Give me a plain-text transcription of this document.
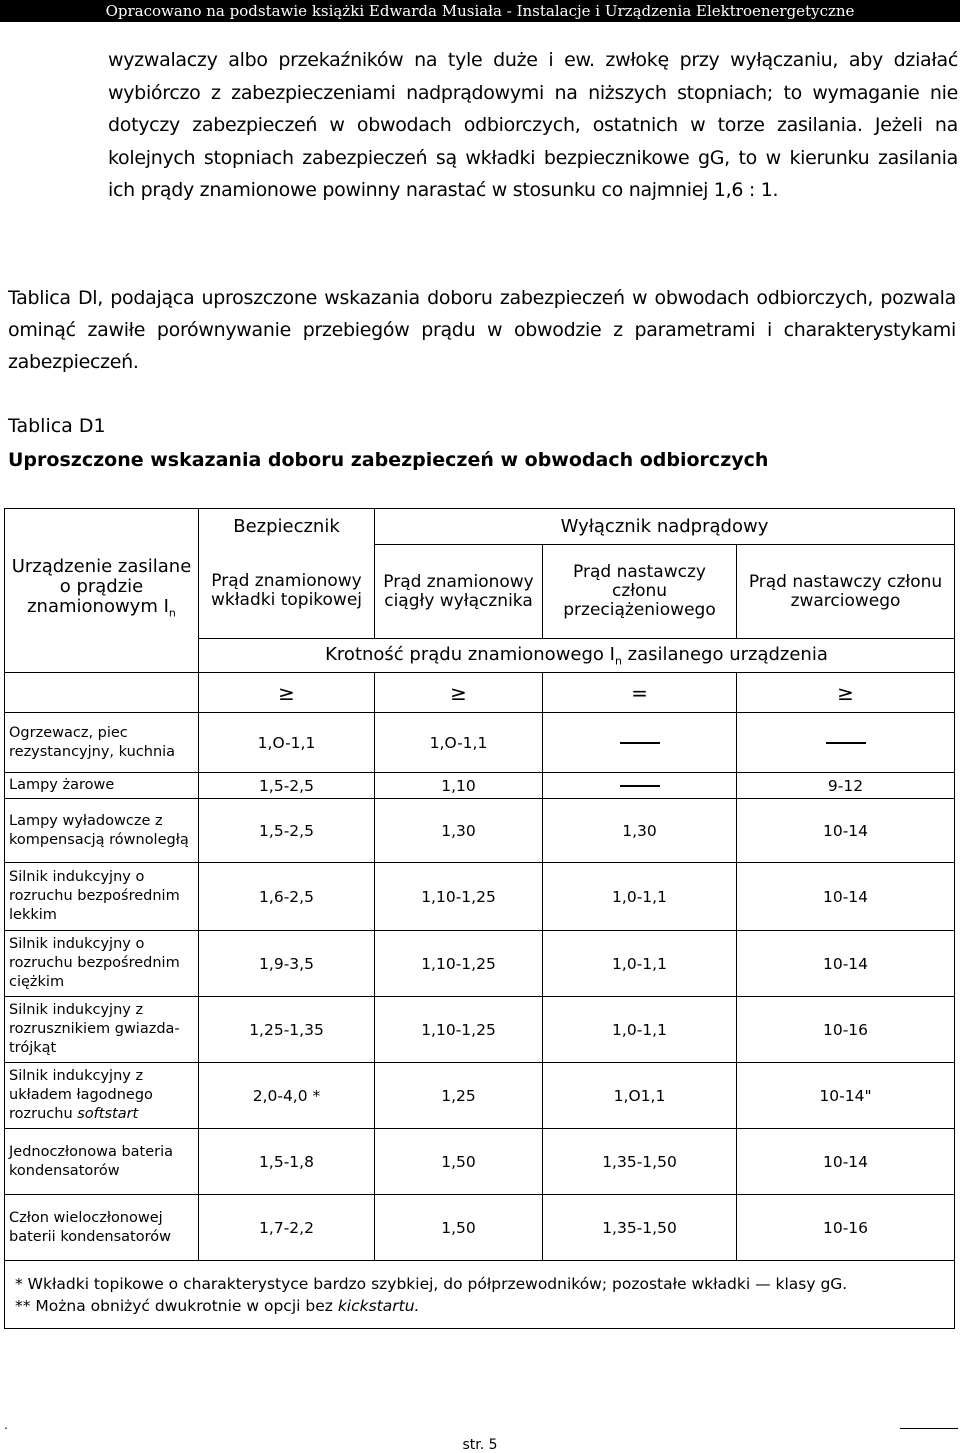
Opracowano na podstawie książki Edwarda Musiała - Instalacje i Urządzenia Elektroenergetyczne
wyzwalaczy albo przekaźników na tyle duże i ew. zwłokę przy wyłączaniu, aby działać wybiórczo z zabezpieczeniami nadprądowymi na niższych stopniach; to wymaganie nie dotyczy zabezpieczeń w obwodach odbiorczych, ostatnich w torze zasilania. Jeżeli na kolejnych stopniach zabezpieczeń są wkładki bezpiecznikowe gG, to w kierunku zasilania ich prądy znamionowe powinny narastać w stosunku co najmniej 1,6 : 1.
Tablica Dl, podająca uproszczone wskazania doboru zabezpieczeń w obwodach odbiorczych, pozwala ominąć zawiłe porównywanie przebiegów prądu w obwodzie z parametrami i charakterystykami zabezpieczeń.
Tablica D1
Uproszczone wskazania doboru zabezpieczeń w obwodach odbiorczych
Urządzenie zasilane o prądzie znamionowym $I_n$	Bezpiecznik	Wyłącznik nadprądowy		
	Prąd znamionowy wkładki topikowej	Prąd znamionowy ciągły wyłącznika	Prąd nastawczy członu przeciążeniowego	Prąd nastawczy członu zwarciowego
	Krotność prądu znamionowego $I_n$ zasilanego urządzenia			
	≥	≥	=	≥
Ogrzewacz, piec rezystancyjny, kuchnia	1,O-1,1	1,O-1,1		
Lampy żarowe	1,5-2,5	1,10		9-12
Lampy wyładowcze z kompensacją równoległą	1,5-2,5	1,30	1,30	10-14
Silnik indukcyjny o rozruchu bezpośrednim lekkim	1,6-2,5	1,10-1,25	1,0-1,1	10-14
Silnik indukcyjny o rozruchu bezpośrednim ciężkim	1,9-3,5	1,10-1,25	1,0-1,1	10-14
Silnik indukcyjny z rozrusznikiem gwiazda-trójkąt	1,25-1,35	1,10-1,25	1,0-1,1	10-16
Silnik indukcyjny z układem łagodnego rozruchu softstart	2,0-4,0 *	1,25	1,O1,1	10-14"
Jednoczłonowa bateria kondensatorów	1,5-1,8	1,50	1,35-1,50	10-14
Człon wieloczłonowej baterii kondensatorów	1,7-2,2	1,50	1,35-1,50	10-16

* Wkładki topikowe o charakterystyce bardzo szybkiej, do półprzewodników; pozostałe wkładki — klasy gG.
** Można obniżyć dwukrotnie w opcji bez kickstartu.				
.
str. 5
